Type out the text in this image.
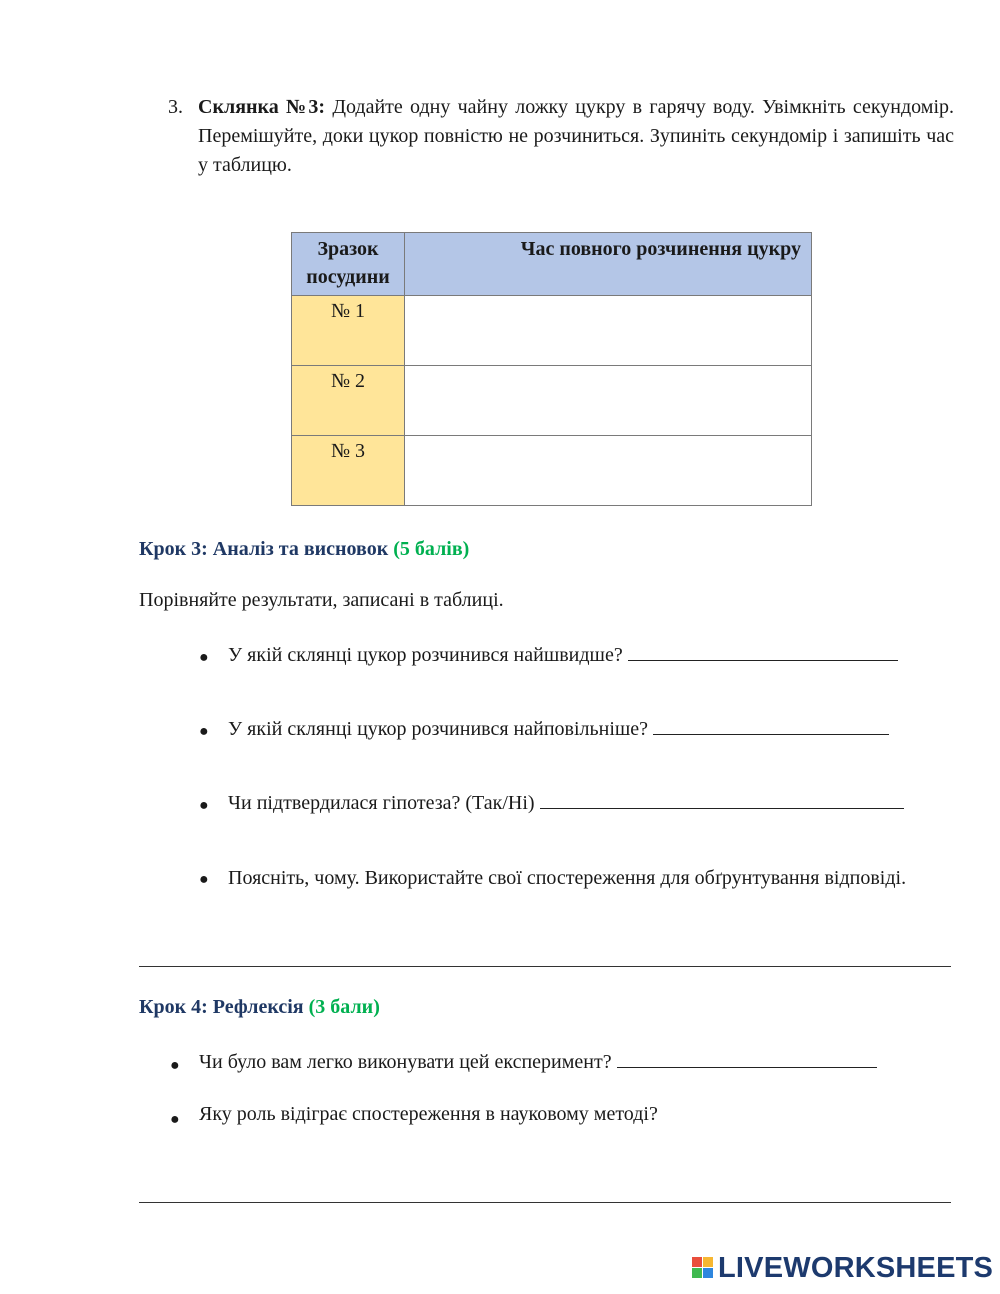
3. Склянка №3: Додайте одну чайну ложку цукру в гарячу воду. Увімкніть секундомір. Перемішуйте, доки цукор повністю не розчиниться. Зупиніть секундомір і запишіть час у таблицю.
Зразок посудини	Час повного розчинення цукру
№ 1	
№ 2	
№ 3	
Крок 3: Аналіз та висновок (5 балів)
Порівняйте результати, записані в таблиці.
● У якій склянці цукор розчинився найшвидше?
● У якій склянці цукор розчинився найповільніше?
● Чи підтвердилася гіпотеза? (Так/Ні)
● Поясніть, чому. Використайте свої спостереження для обґрунтування відповіді.
Крок 4: Рефлексія (3 бали)
● Чи було вам легко виконувати цей експеримент?
● Яку роль відіграє спостереження в науковому методі?
LIVEWORKSHEETS
